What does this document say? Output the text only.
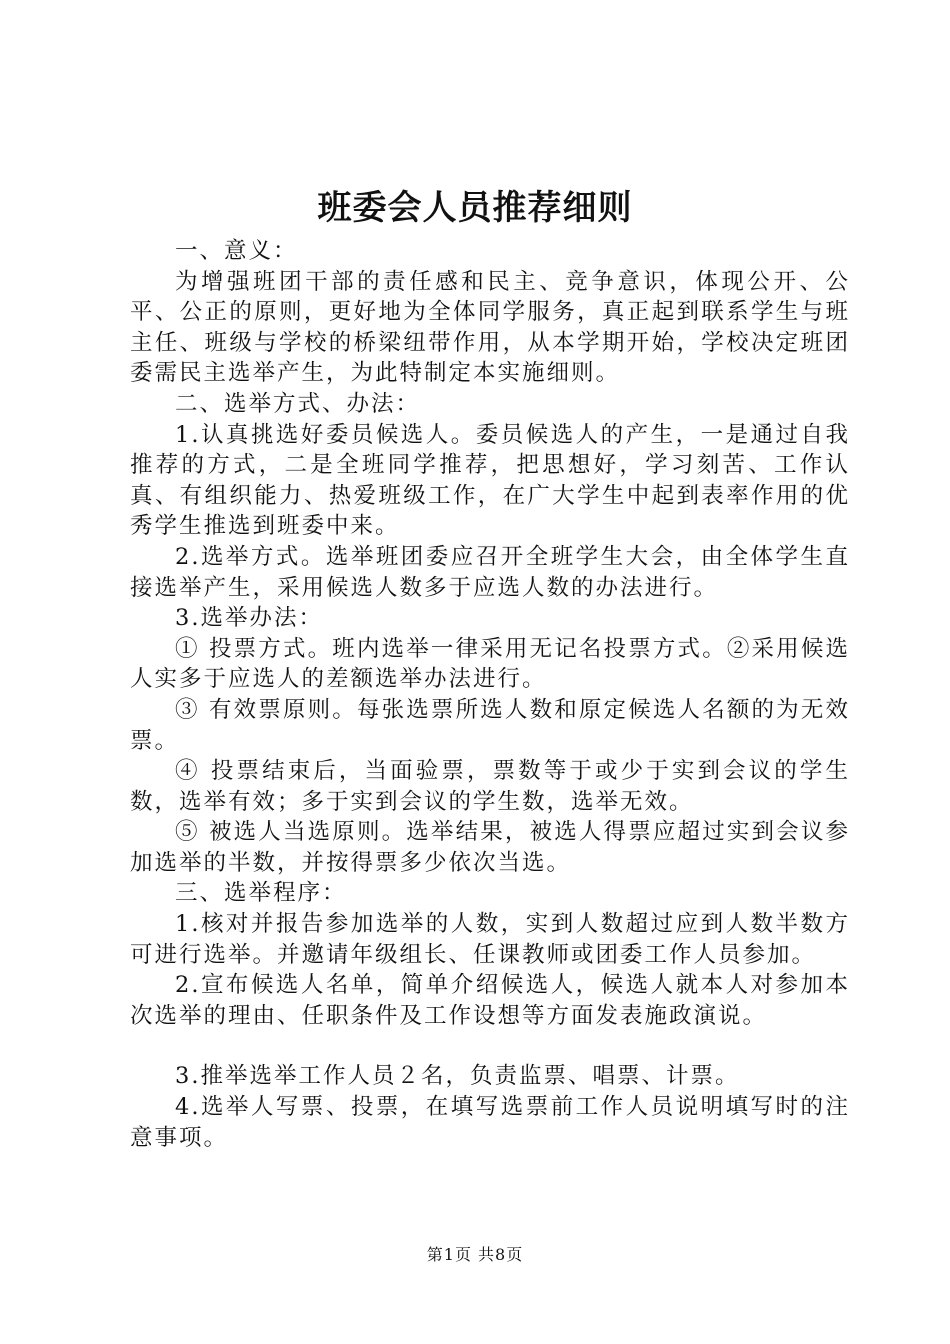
班委会人员推荐细则

一、意义：

为增强班团干部的责任感和民主、竞争意识，体现公开、公平、公正的原则，更好地为全体同学服务，真正起到联系学生与班主任、班级与学校的桥梁纽带作用，从本学期开始，学校决定班团委需民主选举产生，为此特制定本实施细则。

二、选举方式、办法：

1.认真挑选好委员候选人。委员候选人的产生，一是通过自我推荐的方式，二是全班同学推荐，把思想好，学习刻苦、工作认真、有组织能力、热爱班级工作，在广大学生中起到表率作用的优秀学生推选到班委中来。

2.选举方式。选举班团委应召开全班学生大会，由全体学生直接选举产生，采用候选人数多于应选人数的办法进行。

3.选举办法：

① 投票方式。班内选举一律采用无记名投票方式。②采用候选人实多于应选人的差额选举办法进行。

③ 有效票原则。每张选票所选人数和原定候选人名额的为无效票。

④ 投票结束后，当面验票，票数等于或少于实到会议的学生数，选举有效；多于实到会议的学生数，选举无效。

⑤ 被选人当选原则。选举结果，被选人得票应超过实到会议参加选举的半数，并按得票多少依次当选。

三、选举程序：

1.核对并报告参加选举的人数，实到人数超过应到人数半数方可进行选举。并邀请年级组长、任课教师或团委工作人员参加。

2.宣布候选人名单，简单介绍候选人，候选人就本人对参加本次选举的理由、任职条件及工作设想等方面发表施政演说。

3.推举选举工作人员２名，负责监票、唱票、计票。

4.选举人写票、投票，在填写选票前工作人员说明填写时的注意事项。

第1页 共8页
